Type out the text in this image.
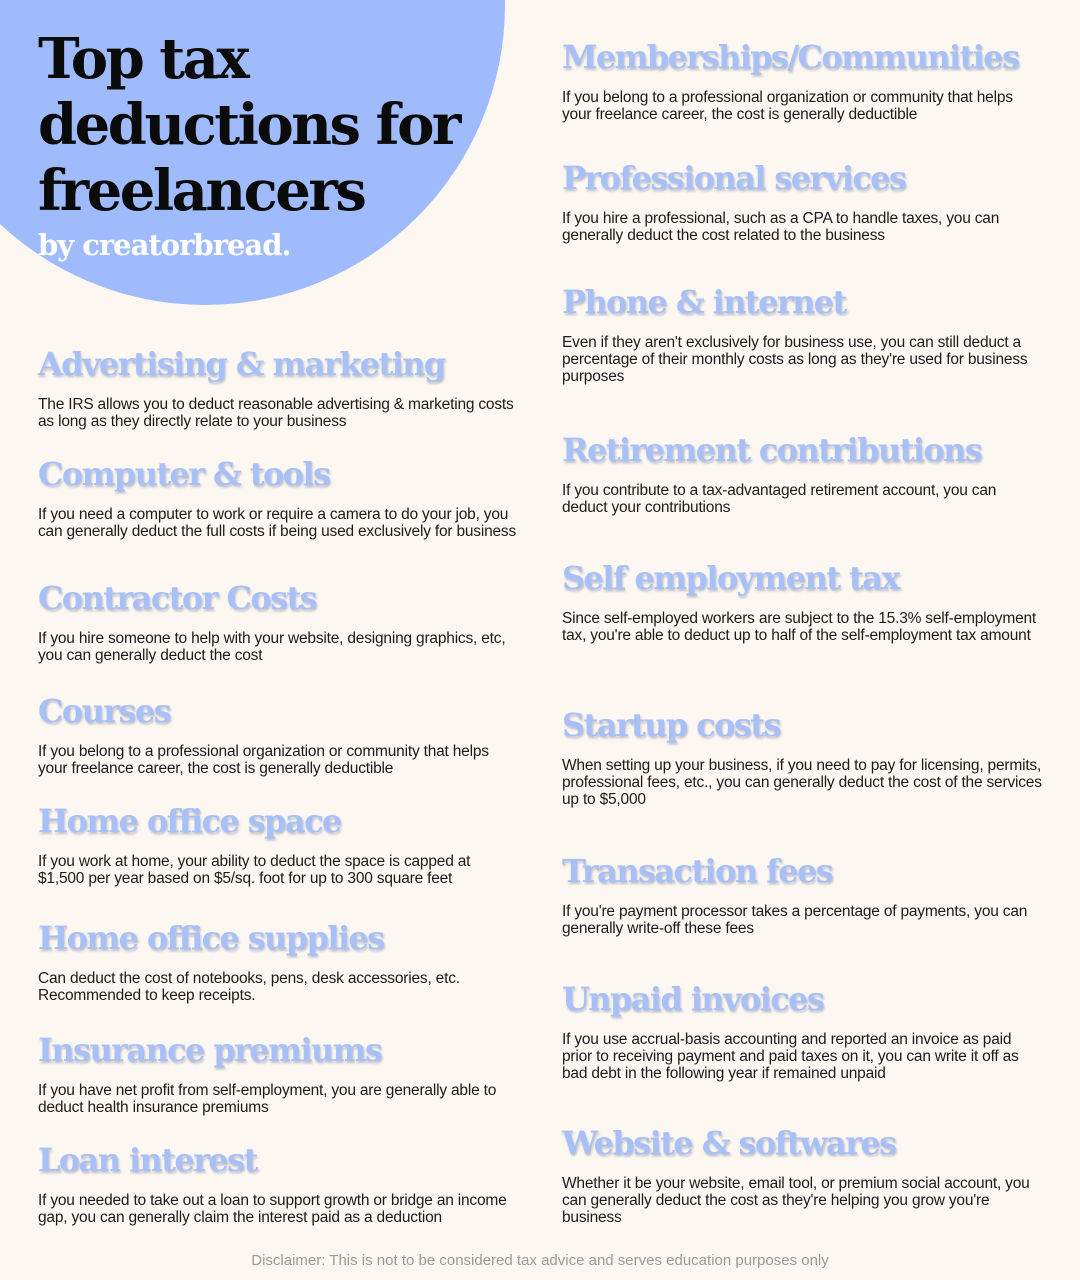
Top tax
deductions for
freelancers
by creatorbread.
Advertising & marketing

The IRS allows you to deduct reasonable advertising & marketing costs as long as they directly relate to your business

Computer & tools

If you need a computer to work or require a camera to do your job, you can generally deduct the full costs if being used exclusively for business

Contractor Costs

If you hire someone to help with your website, designing graphics, etc, you can generally deduct the cost

Courses

If you belong to a professional organization or community that helps your freelance career, the cost is generally deductible

Home office space

If you work at home, your ability to deduct the space is capped at $1,500 per year based on $5/sq. foot for up to 300 square feet

Home office supplies

Can deduct the cost of notebooks, pens, desk accessories, etc. Recommended to keep receipts.

Insurance premiums

If you have net profit from self-employment, you are generally able to deduct health insurance premiums

Loan interest

If you needed to take out a loan to support growth or bridge an income gap, you can generally claim the interest paid as a deduction

Memberships/Communities

If you belong to a professional organization or community that helps your freelance career, the cost is generally deductible

Professional services

If you hire a professional, such as a CPA to handle taxes, you can generally deduct the cost related to the business

Phone & internet

Even if they aren't exclusively for business use, you can still deduct a percentage of their monthly costs as long as they're used for business purposes

Retirement contributions

If you contribute to a tax-advantaged retirement account, you can deduct your contributions

Self employment tax

Since self-employed workers are subject to the 15.3% self-employment tax, you're able to deduct up to half of the self-employment tax amount

Startup costs

When setting up your business, if you need to pay for licensing, permits, professional fees, etc., you can generally deduct the cost of the services up to $5,000

Transaction fees

If you're payment processor takes a percentage of payments, you can generally write-off these fees

Unpaid invoices

If you use accrual-basis accounting and reported an invoice as paid prior to receiving payment and paid taxes on it, you can write it off as bad debt in the following year if remained unpaid

Website & softwares

Whether it be your website, email tool, or premium social account, you can generally deduct the cost as they're helping you grow you're business

Disclaimer: This is not to be considered tax advice and serves education purposes only
